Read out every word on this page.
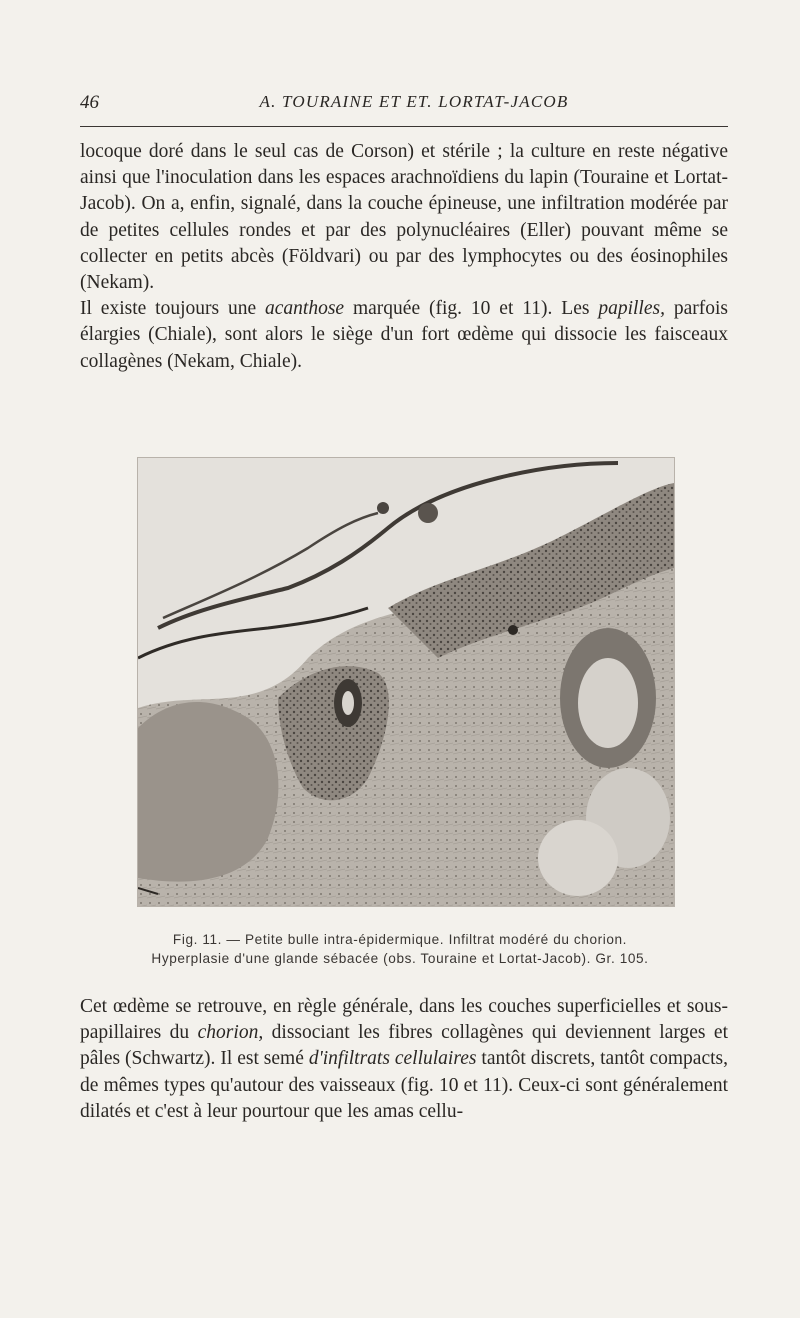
46	A. TOURAINE ET ET. LORTAT-JACOB

locoque doré dans le seul cas de Corson) et stérile ; la culture en reste négative ainsi que l'inoculation dans les espaces arachnoïdiens du lapin (Touraine et Lortat-Jacob). On a, enfin, signalé, dans la couche épineuse, une infiltration modérée par de petites cellules rondes et par des polynucléaires (Eller) pouvant même se collecter en petits abcès (Földvari) ou par des lymphocytes ou des éosinophiles (Nekam).

Il existe toujours une acanthose marquée (fig. 10 et 11). Les papilles, parfois élargies (Chiale), sont alors le siège d'un fort œdème qui dissocie les faisceaux collagènes (Nekam, Chiale).

Fig. 11. — Petite bulle intra-épidermique. Infiltrat modéré du chorion.
Hyperplasie d'une glande sébacée (obs. Touraine et Lortat-Jacob). Gr. 105.

Cet œdème se retrouve, en règle générale, dans les couches superficielles et sous-papillaires du chorion, dissociant les fibres collagènes qui deviennent larges et pâles (Schwartz). Il est semé d'infiltrats cellulaires tantôt discrets, tantôt compacts, de mêmes types qu'autour des vaisseaux (fig. 10 et 11). Ceux-ci sont généralement dilatés et c'est à leur pourtour que les amas cellu-
